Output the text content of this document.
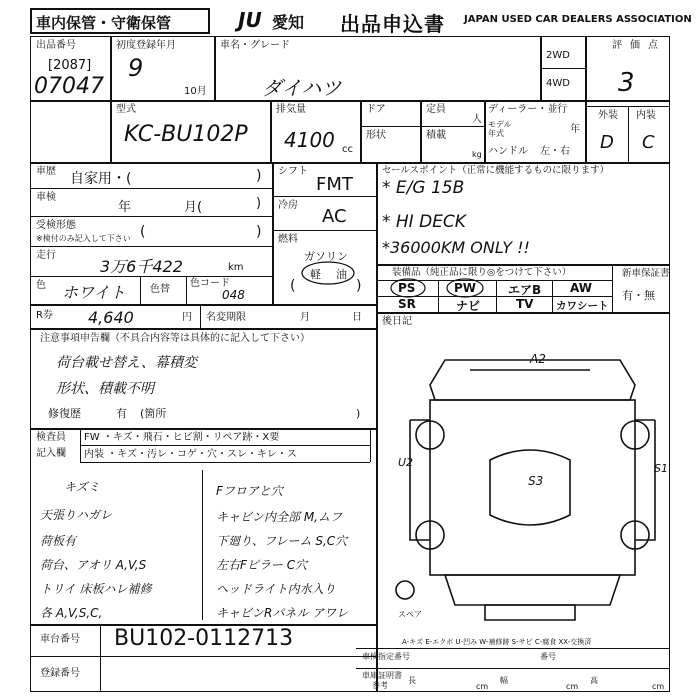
車内保管・守衛保管	JU 愛知 出品申込書 JAPAN USED CAR DEALERS ASSOCIATION
出品番号
[2087]
07047
初度登録年月
9
10月
車名・グレード
ダイハツ
2WD
4WD
評価点
3
外装 内装
D C
型式
KC-BU102P
排気量
4100 cc
ドア	定員
人
形状	積載
kg
ディーラー・並行
モデル年式	年
ハンドル 左・右
車歴 自家用・(	)
車検
年	月(	)
受検形態
※検付のみ記入して下さい (	)
走行
3万6千422	km
色 ホワイト 色替
色コード
048
R券 4,640	円 名変期限	月	日
シフト
FMT
冷房
AC
燃料
ガソリン
(
軽 油
)
セールスポイント（正常に機能するものに限ります）
* E/G 15B
* HI DECK
*36000KM ONLY !!
装備品（純正品に限り◎をつけて下さい）
PS	PW	エアB AW
SR	ナビ	TV カワシート
新車保証書
有・無
後日記
A2
S3
U2	S1
スペア
A-キズ E-エクボ U-凹み W-補修跡 S-サビ C-腐食 XX-交換済
注意事項申告欄（不具合内容等は具体的に記入して下さい）
荷台載せ替え、幕積変
形状、積載不明
修復歴	有 (箇所	)
検査員
記入欄
FW ・キズ・飛石・ヒビ割・リペア跡・X要
内装 ・キズ・汚レ・コゲ・穴・スレ・キレ・ス
キズミ
天張りハガレ
荷板有
荷台、アオリ A,V,S
トリイ 床板ハレ補修
各 A,V,S,C,
Fフロアと穴
キャビン内全部 M,ムフ
下廻り、フレーム S,C穴
左右Fピラー C穴
ヘッドライト内水入り
キャビンRパネル アワレ
車台番号 BU102-0112713
登録番号
車検指定番号	番号
車庫証明書
参考
長
cm
幅
cm
高
cm
